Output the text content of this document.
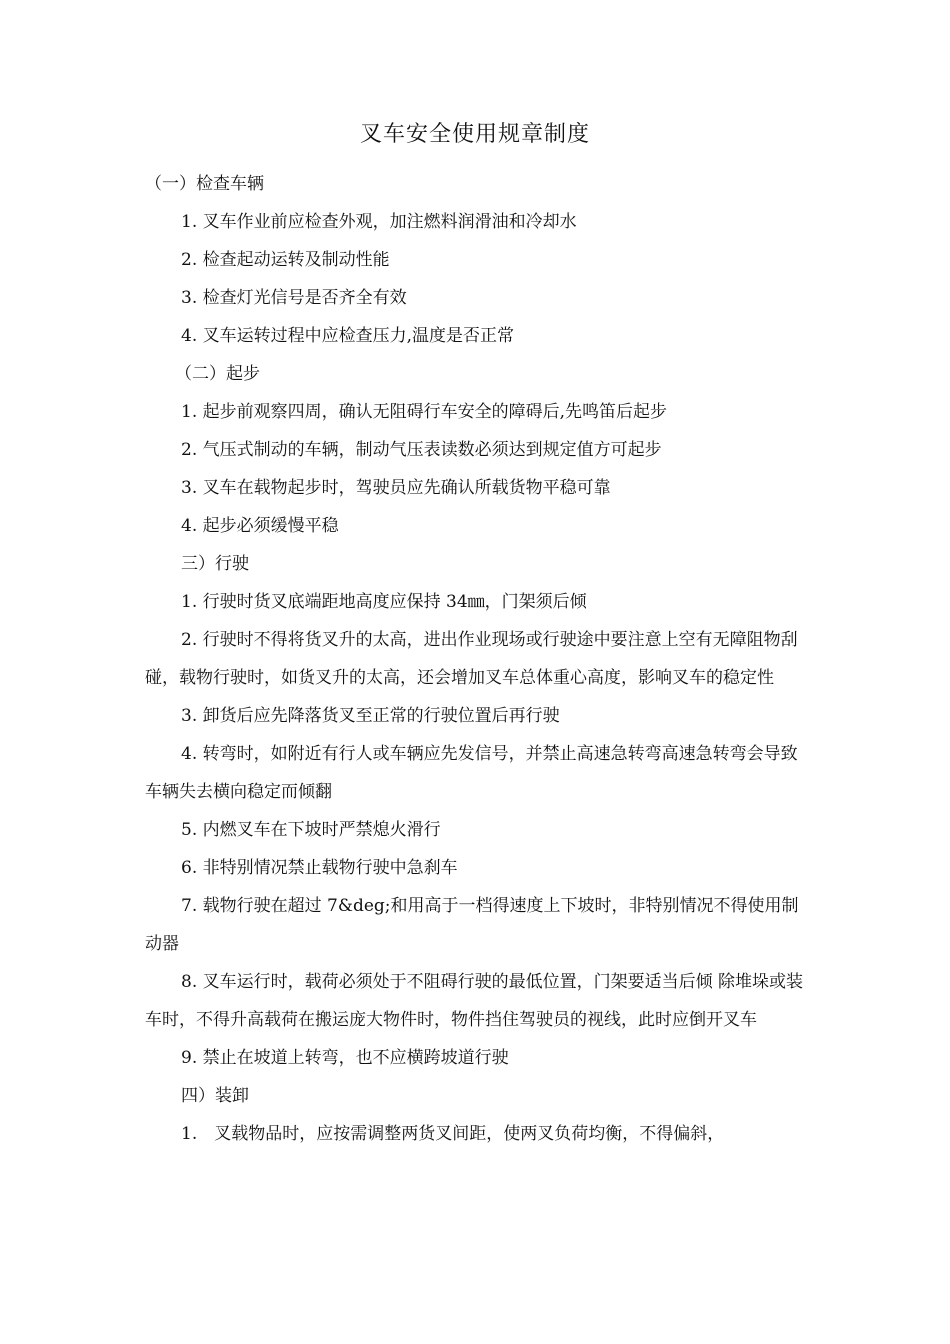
叉车安全使用规章制度

（一）检查车辆

1. 叉车作业前应检查外观，加注燃料润滑油和冷却水

2. 检查起动运转及制动性能

3. 检查灯光信号是否齐全有效

4. 叉车运转过程中应检查压力,温度是否正常

（二）起步

1. 起步前观察四周，确认无阻碍行车安全的障碍后,先鸣笛后起步

2. 气压式制动的车辆，制动气压表读数必须达到规定值方可起步

3. 叉车在载物起步时，驾驶员应先确认所载货物平稳可靠

4. 起步必须缓慢平稳

三）行驶

1. 行驶时货叉底端距地高度应保持 34㎜，门架须后倾

2. 行驶时不得将货叉升的太高，进出作业现场或行驶途中要注意上空有无障阻物刮碰，载物行驶时，如货叉升的太高，还会增加叉车总体重心高度，影响叉车的稳定性

3. 卸货后应先降落货叉至正常的行驶位置后再行驶

4. 转弯时，如附近有行人或车辆应先发信号，并禁止高速急转弯高速急转弯会导致车辆失去横向稳定而倾翻

5. 内燃叉车在下坡时严禁熄火滑行

6. 非特别情况禁止载物行驶中急刹车

7. 载物行驶在超过 7&deg;和用高于一档得速度上下坡时，非特别情况不得使用制动器

8. 叉车运行时，载荷必须处于不阻碍行驶的最低位置，门架要适当后倾 除堆垛或装车时，不得升高载荷在搬运庞大物件时，物件挡住驾驶员的视线，此时应倒开叉车

9. 禁止在坡道上转弯，也不应横跨坡道行驶

四）装卸

1.　叉载物品时，应按需调整两货叉间距，使两叉负荷均衡，不得偏斜，
